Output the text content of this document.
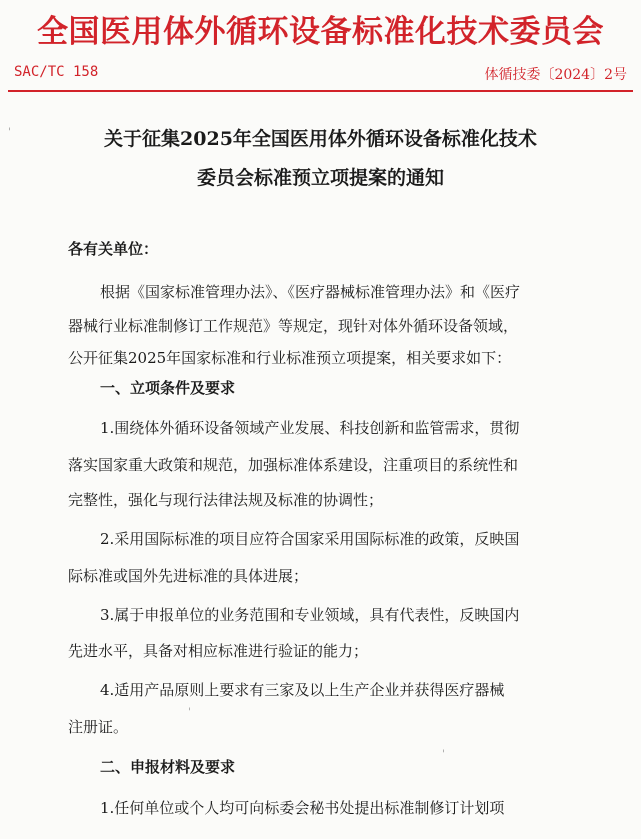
全国医用体外循环设备标准化技术委员会
SAC/TC 158	体循技委〔2024〕2号
关于征集2025年全国医用体外循环设备标准化技术
委员会标准预立项提案的通知
各有关单位：
根据《国家标准管理办法》、《医疗器械标准管理办法》和《医疗
器械行业标准制修订工作规范》等规定，现针对体外循环设备领域，
公开征集2025年国家标准和行业标准预立项提案，相关要求如下：
一、立项条件及要求
1.围绕体外循环设备领域产业发展、科技创新和监管需求，贯彻
落实国家重大政策和规范，加强标准体系建设，注重项目的系统性和
完整性，强化与现行法律法规及标准的协调性；
2.采用国际标准的项目应符合国家采用国际标准的政策，反映国
际标准或国外先进标准的具体进展；
3.属于申报单位的业务范围和专业领域，具有代表性，反映国内
先进水平，具备对相应标准进行验证的能力；
4.适用产品原则上要求有三家及以上生产企业并获得医疗器械
注册证。
二、申报材料及要求
1.任何单位或个人均可向标委会秘书处提出标准制修订计划项
'
'
'
